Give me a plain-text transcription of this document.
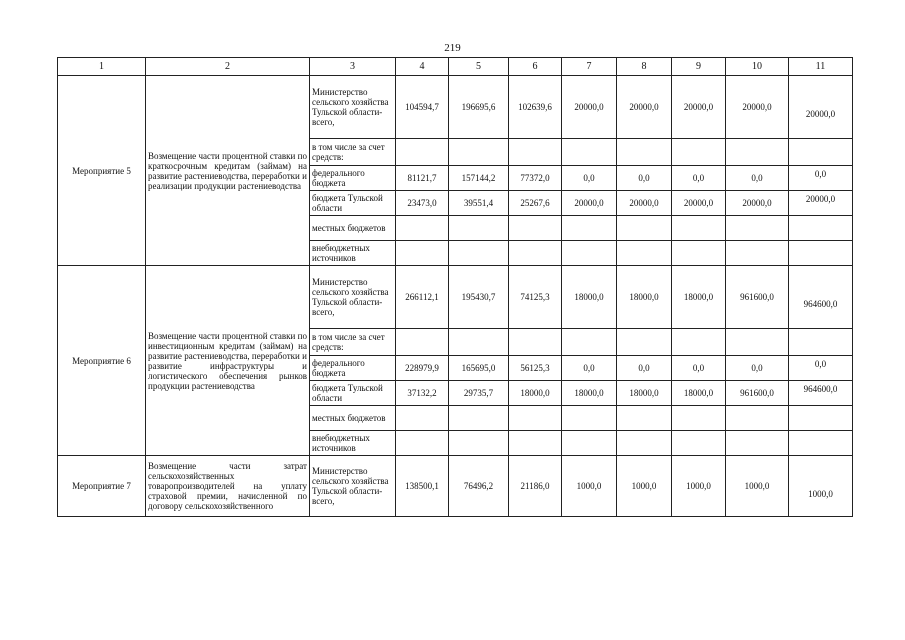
219
1	2	3	4	5	6	7	8	9	10	11
Мероприятие 5	Возмещение части процентной ставки по краткосрочным кредитам (займам) на развитие растениеводства, переработки и реализации продукции растениеводства	Министерство сельского хозяйства Тульской области-всего,	104594,7	196695,6	102639,6	20000,0	20000,0	20000,0	20000,0	20000,0
		в том числе за счет средств:								
		федерального бюджета	81121,7	157144,2	77372,0	0,0	0,0	0,0	0,0	0,0
		бюджета Тульской области	23473,0	39551,4	25267,6	20000,0	20000,0	20000,0	20000,0	20000,0
		местных бюджетов								
		внебюджетных источников								
Мероприятие 6	Возмещение части процентной ставки по инвестиционным кредитам (займам) на развитие растениеводства, переработки и развитие инфраструктуры и логистического обеспечения рынков продукции растениеводства	Министерство сельского хозяйства Тульской области-всего,	266112,1	195430,7	74125,3	18000,0	18000,0	18000,0	961600,0	964600,0
		в том числе за счет средств:								
		федерального бюджета	228979,9	165695,0	56125,3	0,0	0,0	0,0	0,0	0,0
		бюджета Тульской области	37132,2	29735,7	18000,0	18000,0	18000,0	18000,0	961600,0	964600,0
		местных бюджетов								
		внебюджетных источников								
Мероприятие 7	Возмещение части затрат сельскохозяйственных товаропроизводителей на уплату страховой премии, начисленной по договору сельскохозяйственного	Министерство сельского хозяйства Тульской области-всего,	138500,1	76496,2	21186,0	1000,0	1000,0	1000,0	1000,0	1000,0
